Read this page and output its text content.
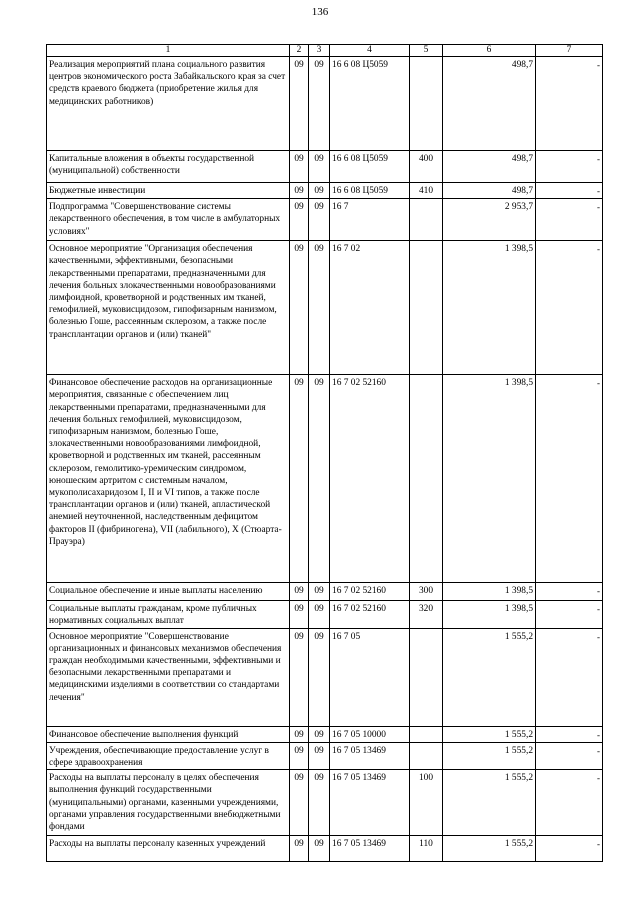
136
1	2	3	4	5	6	7
Реализация мероприятий плана социального развития центров экономического роста Забайкальского края за счет средств краевого бюджета (приобретение жилья для медицинских работников)	09	09	16 6 08 Ц5059		498,7	-
Капитальные вложения в объекты государственной (муниципальной) собственности	09	09	16 6 08 Ц5059	400	498,7	-
Бюджетные инвестиции	09	09	16 6 08 Ц5059	410	498,7	-
Подпрограмма "Совершенствование системы лекарственного обеспечения, в том числе в амбулаторных условиях"	09	09	16 7		2 953,7	-
Основное мероприятие "Организация обеспечения качественными, эффективными, безопасными лекарственными препаратами, предназначенными для лечения больных злокачественными новообразованиями лимфоидной, кроветворной и родственных им тканей, гемофилией, муковисцидозом, гипофизарным нанизмом, болезнью Гоше, рассеянным склерозом, а также после трансплантации органов и (или) тканей"	09	09	16 7 02		1 398,5	-
Финансовое обеспечение расходов на организационные мероприятия, связанные с обеспечением лиц лекарственными препаратами, предназначенными для лечения больных гемофилией, муковисцидозом, гипофизарным нанизмом, болезнью Гоше, злокачественными новообразованиями лимфоидной, кроветворной и родственных им тканей, рассеянным склерозом, гемолитико-уремическим синдромом, юношеским артритом с системным началом, мукополисахаридозом I, II и VI типов, а также после трансплантации органов и (или) тканей, апластической анемией неуточненной, наследственным дефицитом факторов II (фибриногена), VII (лабильного), X (Стюарта-Прауэра)	09	09	16 7 02 52160		1 398,5	-
Социальное обеспечение и иные выплаты населению	09	09	16 7 02 52160	300	1 398,5	-
Социальные выплаты гражданам, кроме публичных нормативных социальных выплат	09	09	16 7 02 52160	320	1 398,5	-
Основное мероприятие "Совершенствование организационных и финансовых механизмов обеспечения граждан необходимыми качественными, эффективными и безопасными лекарственными препаратами и медицинскими изделиями в соответствии со стандартами лечения"	09	09	16 7 05		1 555,2	-
Финансовое обеспечение выполнения функций	09	09	16 7 05 10000		1 555,2	-
Учреждения, обеспечивающие предоставление услуг в сфере здравоохранения	09	09	16 7 05 13469		1 555,2	-
Расходы на выплаты персоналу в целях обеспечения выполнения функций государственными (муниципальными) органами, казенными учреждениями, органами управления государственными внебюджетными фондами	09	09	16 7 05 13469	100	1 555,2	-
Расходы на выплаты персоналу казенных учреждений	09	09	16 7 05 13469	110	1 555,2	-
